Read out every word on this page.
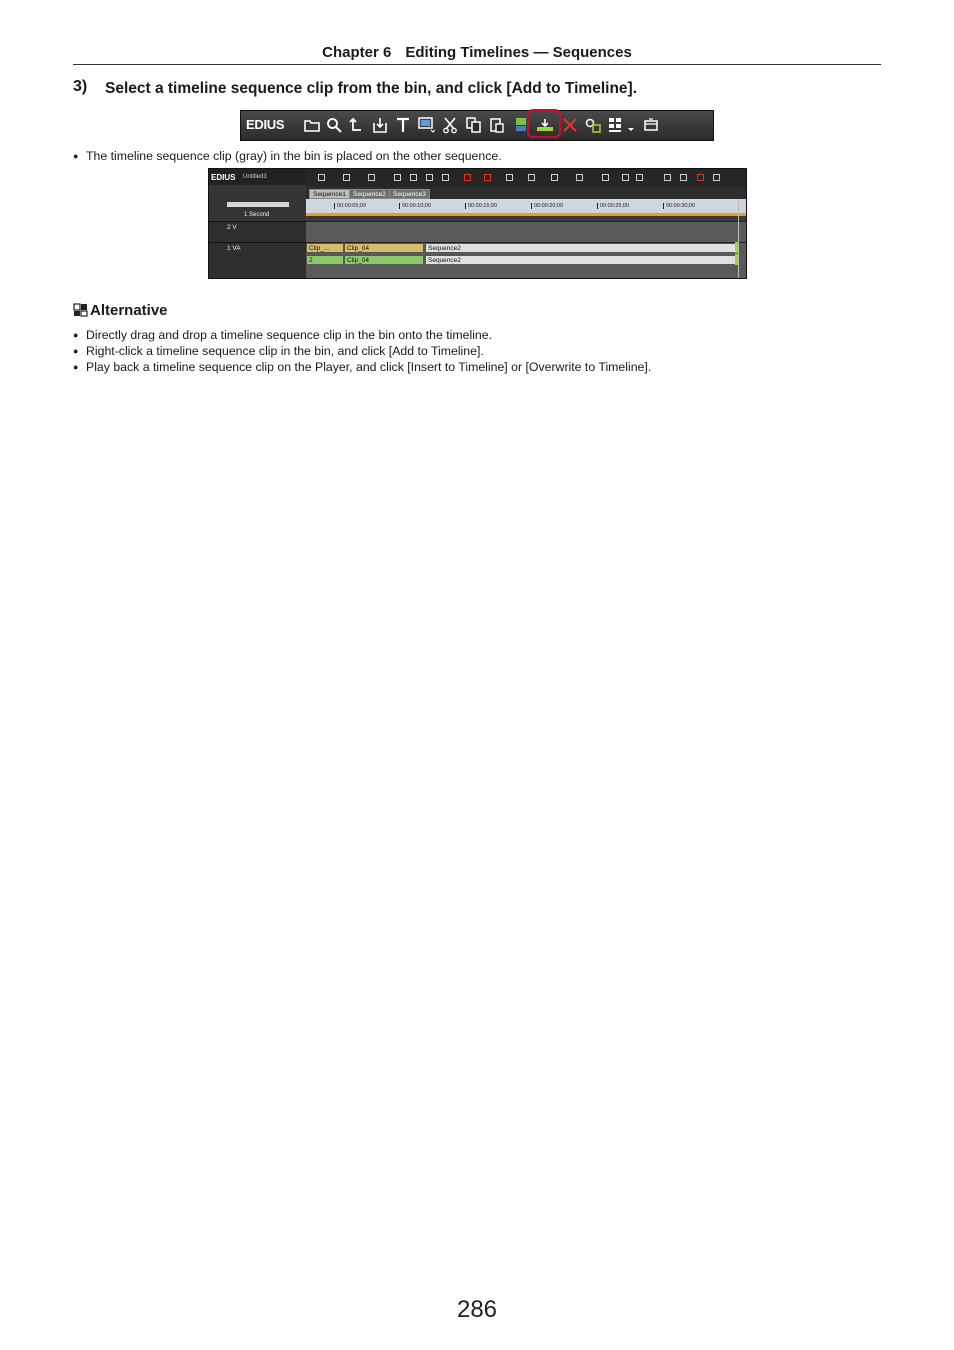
Chapter 6 Editing Timelines — Sequences
3) Select a timeline sequence clip from the bin, and click [Add to Timeline].
EDIUS
● The timeline sequence clip (gray) in the bin is placed on the other sequence.
EDIUS Untitled3
Sequence1	Sequence2	Sequence3
1 Second
2 V
1 VA
00:00:05;00	00:00:10;00	00:00:15;00	00:00:20;00	00:00:25;00	00:00:30;00
Clip_...	Clip_04	Sequence2
2	Clip_04	Sequence2
Alternative
● Directly drag and drop a timeline sequence clip in the bin onto the timeline.
● Right-click a timeline sequence clip in the bin, and click [Add to Timeline].
● Play back a timeline sequence clip on the Player, and click [Insert to Timeline] or [Overwrite to Timeline].
286
